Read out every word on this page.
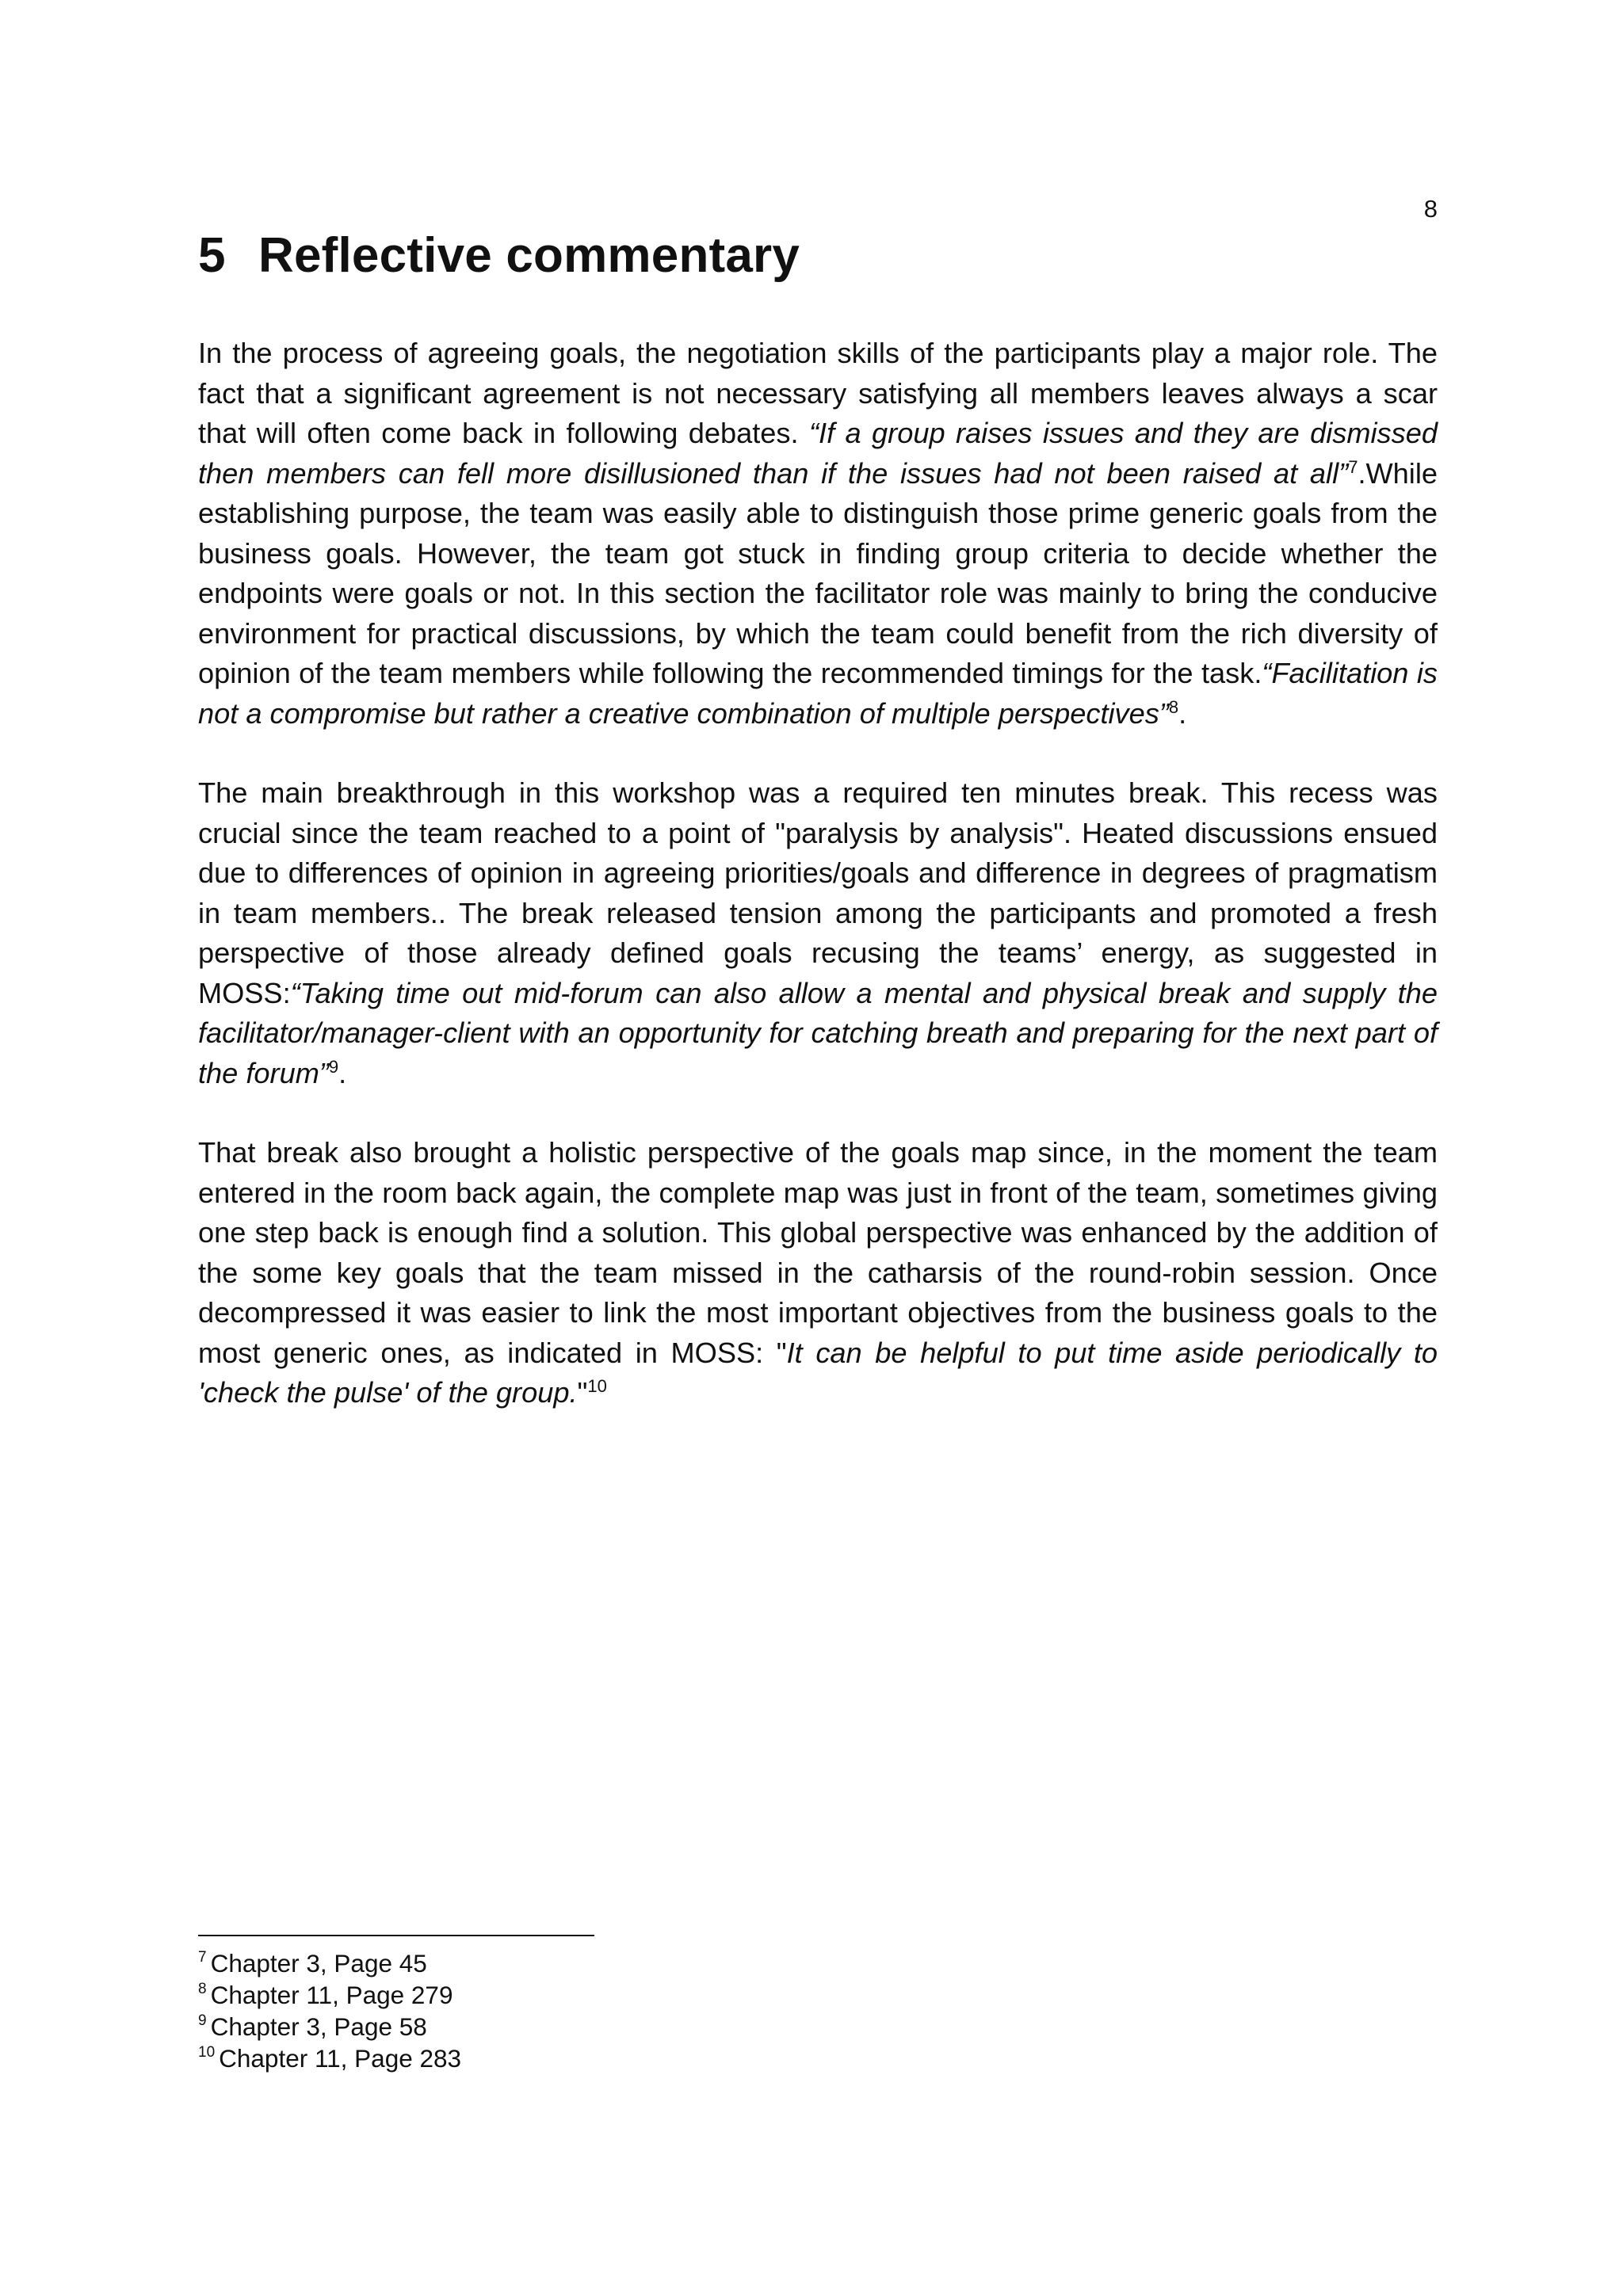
8
5 Reflective commentary

In the process of agreeing goals, the negotiation skills of the participants play a major role. The fact that a significant agreement is not necessary satisfying all members leaves always a scar that will often come back in following debates. “If a group raises issues and they are dismissed then members can fell more disillusioned than if the issues had not been raised at all”$^7$.While establishing purpose, the team was easily able to distinguish those prime generic goals from the business goals. However, the team got stuck in finding group criteria to decide whether the endpoints were goals or not. In this section the facilitator role was mainly to bring the conducive environment for practical discussions, by which the team could benefit from the rich diversity of opinion of the team members while following the recommended timings for the task.“Facilitation is not a compromise but rather a creative combination of multiple perspectives”$^8$.

The main breakthrough in this workshop was a required ten minutes break. This recess was crucial since the team reached to a point of "paralysis by analysis". Heated discussions ensued due to differences of opinion in agreeing priorities/goals and difference in degrees of pragmatism in team members.. The break released tension among the participants and promoted a fresh perspective of those already defined goals recusing the teams’ energy, as suggested in MOSS:“Taking time out mid-forum can also allow a mental and physical break and supply the facilitator/manager-client with an opportunity for catching breath and preparing for the next part of the forum”$^9$.

That break also brought a holistic perspective of the goals map since, in the moment the team entered in the room back again, the complete map was just in front of the team, sometimes giving one step back is enough find a solution. This global perspective was enhanced by the addition of the some key goals that the team missed in the catharsis of the round-robin session. Once decompressed it was easier to link the most important objectives from the business goals to the most generic ones, as indicated in MOSS: "It can be helpful to put time aside periodically to 'check the pulse' of the group."$^{10}$

$^7$ Chapter 3, Page 45
$^8$ Chapter 11, Page 279
$^9$ Chapter 3, Page 58
$^{10}$ Chapter 11, Page 283
